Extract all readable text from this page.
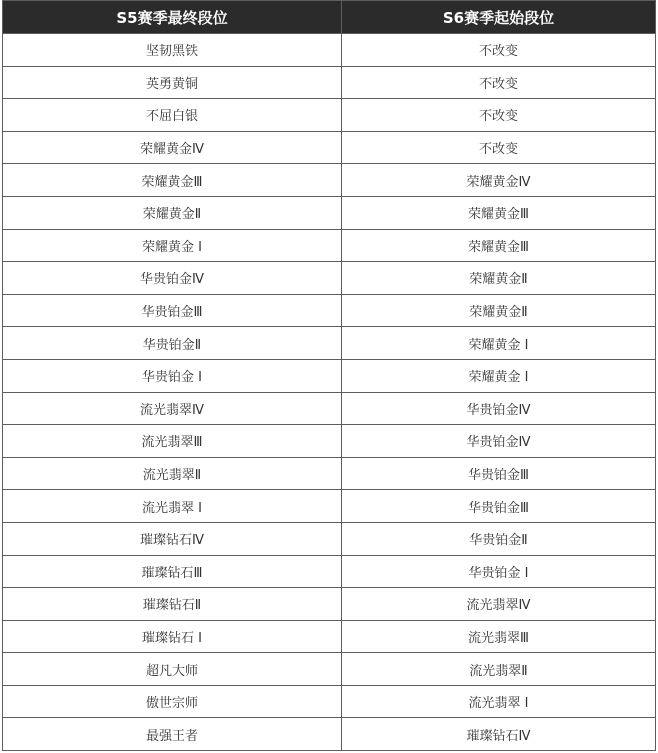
S5赛季最终段位	S6赛季起始段位
坚韧黑铁	不改变
英勇黄铜	不改变
不屈白银	不改变
荣耀黄金Ⅳ	不改变
荣耀黄金Ⅲ	荣耀黄金Ⅳ
荣耀黄金Ⅱ	荣耀黄金Ⅲ
荣耀黄金 Ⅰ	荣耀黄金Ⅲ
华贵铂金Ⅳ	荣耀黄金Ⅱ
华贵铂金Ⅲ	荣耀黄金Ⅱ
华贵铂金Ⅱ	荣耀黄金 Ⅰ
华贵铂金 Ⅰ	荣耀黄金 Ⅰ
流光翡翠Ⅳ	华贵铂金Ⅳ
流光翡翠Ⅲ	华贵铂金Ⅳ
流光翡翠Ⅱ	华贵铂金Ⅲ
流光翡翠 Ⅰ	华贵铂金Ⅲ
璀璨钻石Ⅳ	华贵铂金Ⅱ
璀璨钻石Ⅲ	华贵铂金 Ⅰ
璀璨钻石Ⅱ	流光翡翠Ⅳ
璀璨钻石 Ⅰ	流光翡翠Ⅲ
超凡大师	流光翡翠Ⅱ
傲世宗师	流光翡翠 Ⅰ
最强王者	璀璨钻石Ⅳ
